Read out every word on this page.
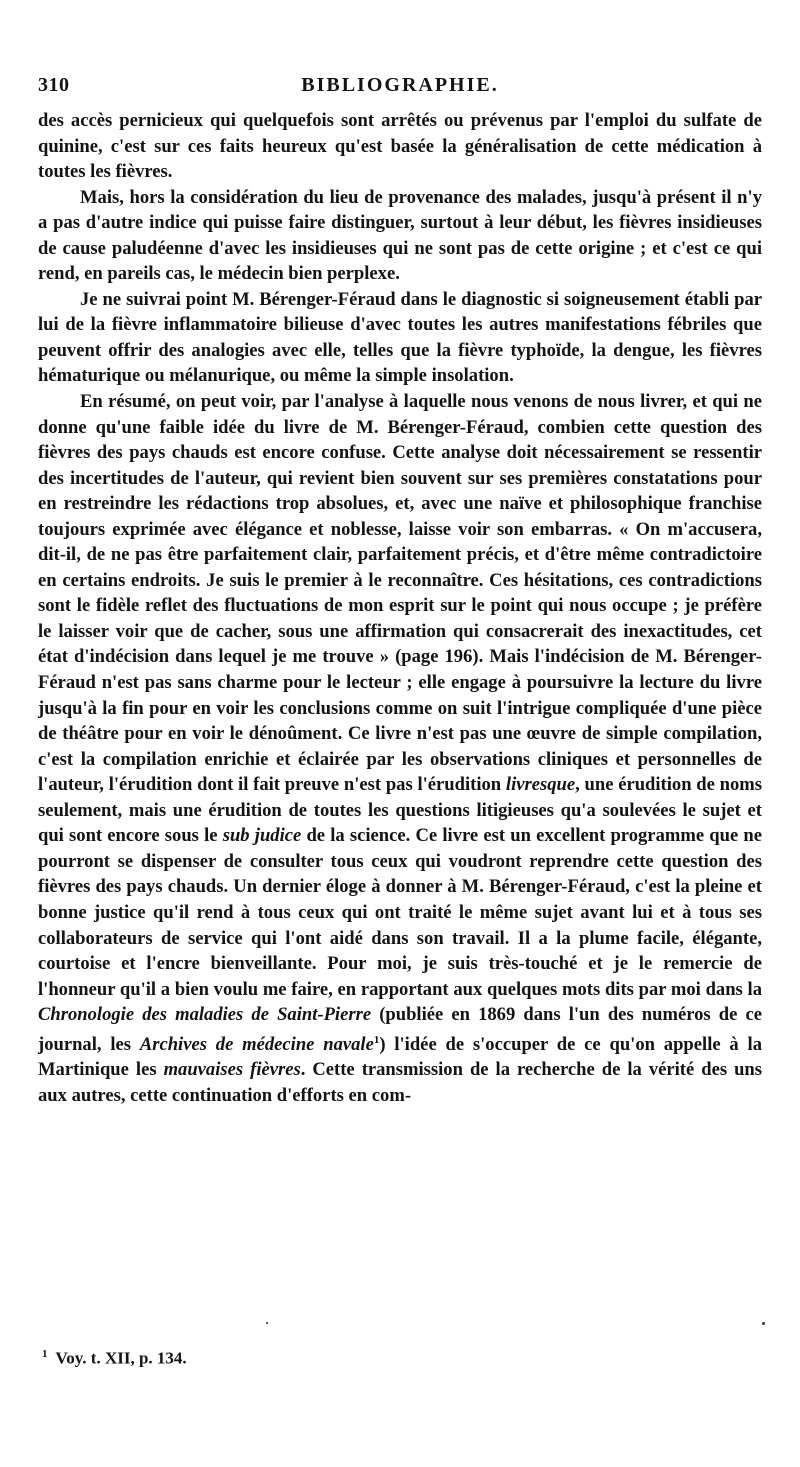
310	BIBLIOGRAPHIE.

des accès pernicieux qui quelquefois sont arrêtés ou prévenus par l'emploi du sulfate de quinine, c'est sur ces faits heureux qu'est basée la généralisation de cette médication à toutes les fièvres.

Mais, hors la considération du lieu de provenance des malades, jusqu'à présent il n'y a pas d'autre indice qui puisse faire distinguer, surtout à leur début, les fièvres insidieuses de cause paludéenne d'avec les insidieuses qui ne sont pas de cette origine ; et c'est ce qui rend, en pareils cas, le médecin bien perplexe.

Je ne suivrai point M. Bérenger-Féraud dans le diagnostic si soigneusement établi par lui de la fièvre inflammatoire bilieuse d'avec toutes les autres manifestations fébriles que peuvent offrir des analogies avec elle, telles que la fièvre typhoïde, la dengue, les fièvres hématurique ou mélanurique, ou même la simple insolation.

En résumé, on peut voir, par l'analyse à laquelle nous venons de nous livrer, et qui ne donne qu'une faible idée du livre de M. Bérenger-Féraud, combien cette question des fièvres des pays chauds est encore confuse. Cette analyse doit nécessairement se ressentir des incertitudes de l'auteur, qui revient bien souvent sur ses premières constatations pour en restreindre les rédactions trop absolues, et, avec une naïve et philosophique franchise toujours exprimée avec élégance et noblesse, laisse voir son embarras. « On m'accusera, dit-il, de ne pas être parfaitement clair, parfaitement précis, et d'être même contradictoire en certains endroits. Je suis le premier à le reconnaître. Ces hésitations, ces contradictions sont le fidèle reflet des fluctuations de mon esprit sur le point qui nous occupe ; je préfère le laisser voir que de cacher, sous une affirmation qui consacrerait des inexactitudes, cet état d'indécision dans lequel je me trouve » (page 196). Mais l'indécision de M. Bérenger-Féraud n'est pas sans charme pour le lecteur ; elle engage à poursuivre la lecture du livre jusqu'à la fin pour en voir les conclusions comme on suit l'intrigue compliquée d'une pièce de théâtre pour en voir le dénoûment. Ce livre n'est pas une œuvre de simple compilation, c'est la compilation enrichie et éclairée par les observations cliniques et personnelles de l'auteur, l'érudition dont il fait preuve n'est pas l'érudition livresque, une érudition de noms seulement, mais une érudition de toutes les questions litigieuses qu'a soulevées le sujet et qui sont encore sous le sub judice de la science. Ce livre est un excellent programme que ne pourront se dispenser de consulter tous ceux qui voudront reprendre cette question des fièvres des pays chauds. Un dernier éloge à donner à M. Bérenger-Féraud, c'est la pleine et bonne justice qu'il rend à tous ceux qui ont traité le même sujet avant lui et à tous ses collaborateurs de service qui l'ont aidé dans son travail. Il a la plume facile, élégante, courtoise et l'encre bienveillante. Pour moi, je suis très-touché et je le remercie de l'honneur qu'il a bien voulu me faire, en rapportant aux quelques mots dits par moi dans la Chronologie des maladies de Saint-Pierre (publiée en 1869 dans l'un des numéros de ce journal, les Archives de médecine navale$^1$) l'idée de s'occuper de ce qu'on appelle à la Martinique les mauvaises fièvres. Cette transmission de la recherche de la vérité des uns aux autres, cette continuation d'efforts en com-

$^1$ Voy. t. XII, p. 134.
